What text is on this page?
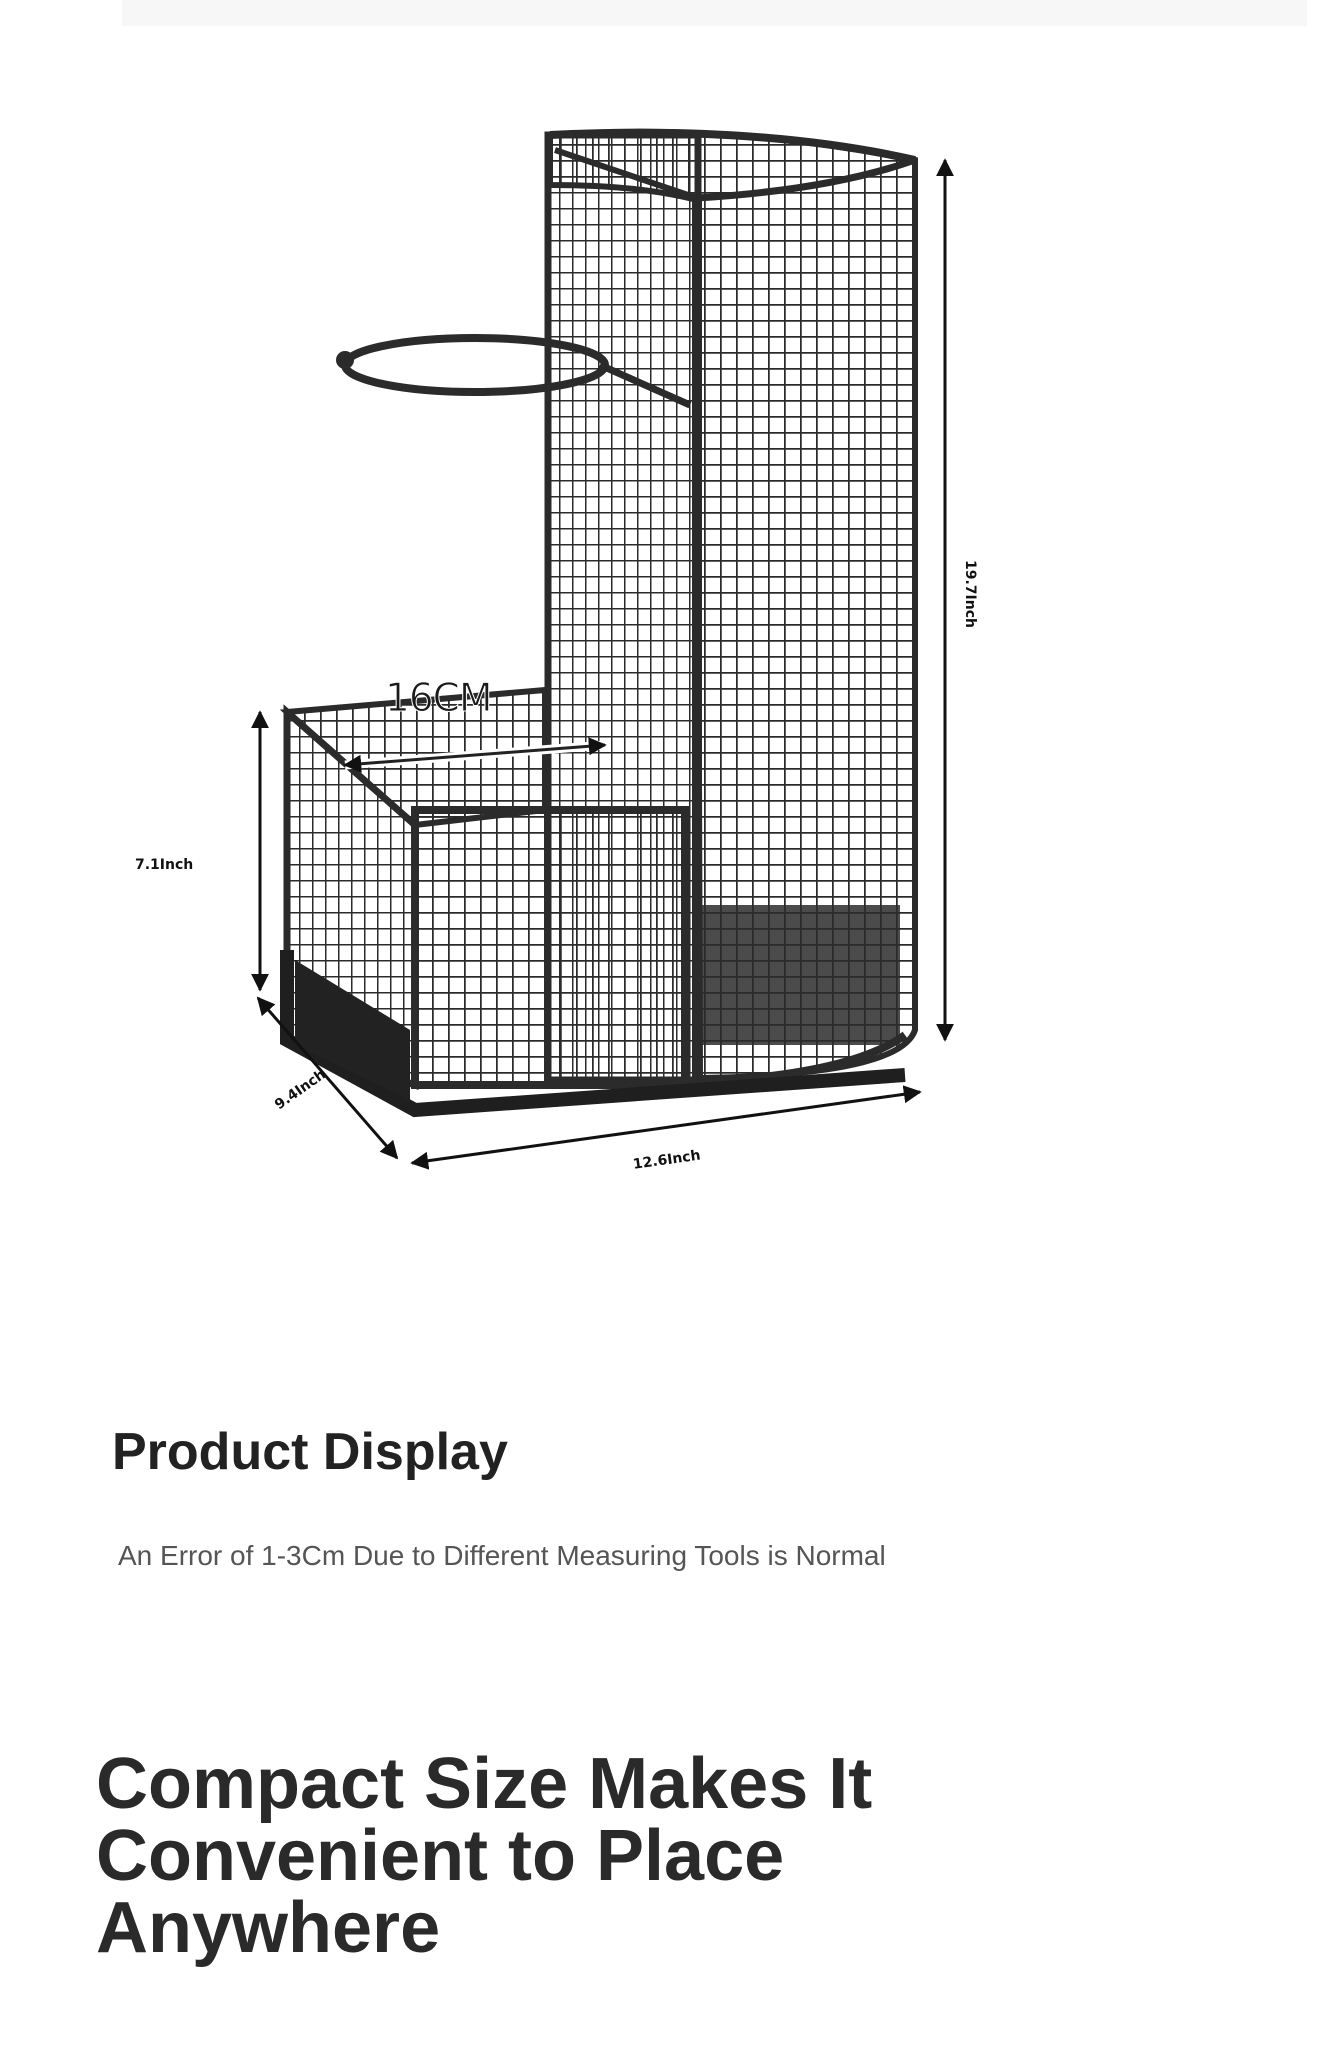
19.7Inch
7.1Inch
9.4Inch
12.6Inch
16CM
Product Display

An Error of 1-3Cm Due to Different Measuring Tools is Normal

Compact Size Makes It
Convenient to Place
Anywhere
